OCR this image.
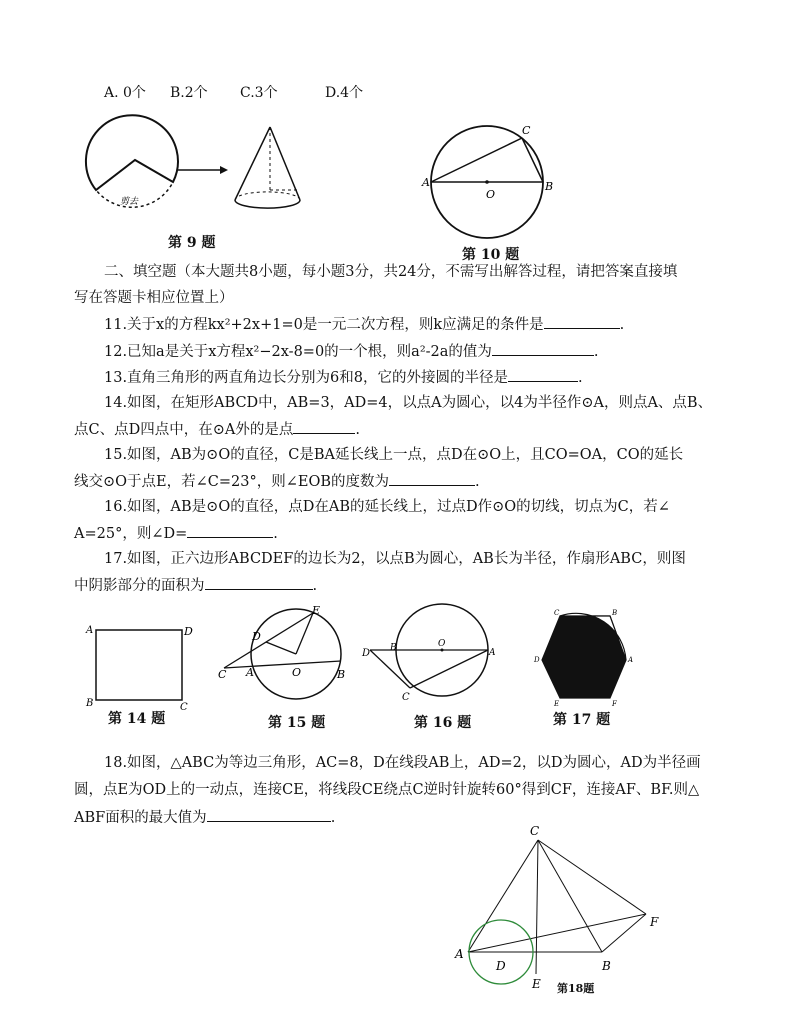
A. 0个 B.2个 C.3个	D.4个
剪去
第 9 题
A	B
C
O
第 10 题
二、填空题（本大题共8小题，每小题3分，共24分，不需写出解答过程，请把答案直接填
写在答题卡相应位置上）
11.关于x的方程kx²+2x+1=0是一元二次方程，则k应满足的条件是	.
12.已知a是关于x方程x²−2x-8=0的一个根，则a²-2a的值为	.
13.直角三角形的两直角边长分别为6和8，它的外接圆的半径是	.
14.如图，在矩形ABCD中，AB=3，AD=4，以点A为圆心，以4为半径作⊙A，则点A、点B、
点C、点D四点中，在⊙A外的是点	.
15.如图，AB为⊙O的直径，C是BA延长线上一点，点D在⊙O上，且CO=OA，CO的延长
线交⊙O于点E，若∠C=23°，则∠EOB的度数为	.
16.如图，AB是⊙O的直径，点D在AB的延长线上，过点D作⊙O的切线，切点为C，若∠
A=25°，则∠D=	.
17.如图，正六边形ABCDEF的边长为2，以点B为圆心，AB长为半径，作扇形ABC，则图
中阴影部分的面积为	.
A	D
B	C
第 14 题
C A
D
E
O	B
第 15 题
D B	O
A
C
第 16 题
C	B
A
D
E	F
第 17 题
18.如图，△ABC为等边三角形，AC=8，D在线段AB上，AD=2，以D为圆心，AD为半径画
圆，点E为OD上的一动点，连接CE，将线段CE绕点C逆时针旋转60°得到CF，连接AF、BF.则△
ABF面积的最大值为	.
C
A
D
E
B
F
第18题
